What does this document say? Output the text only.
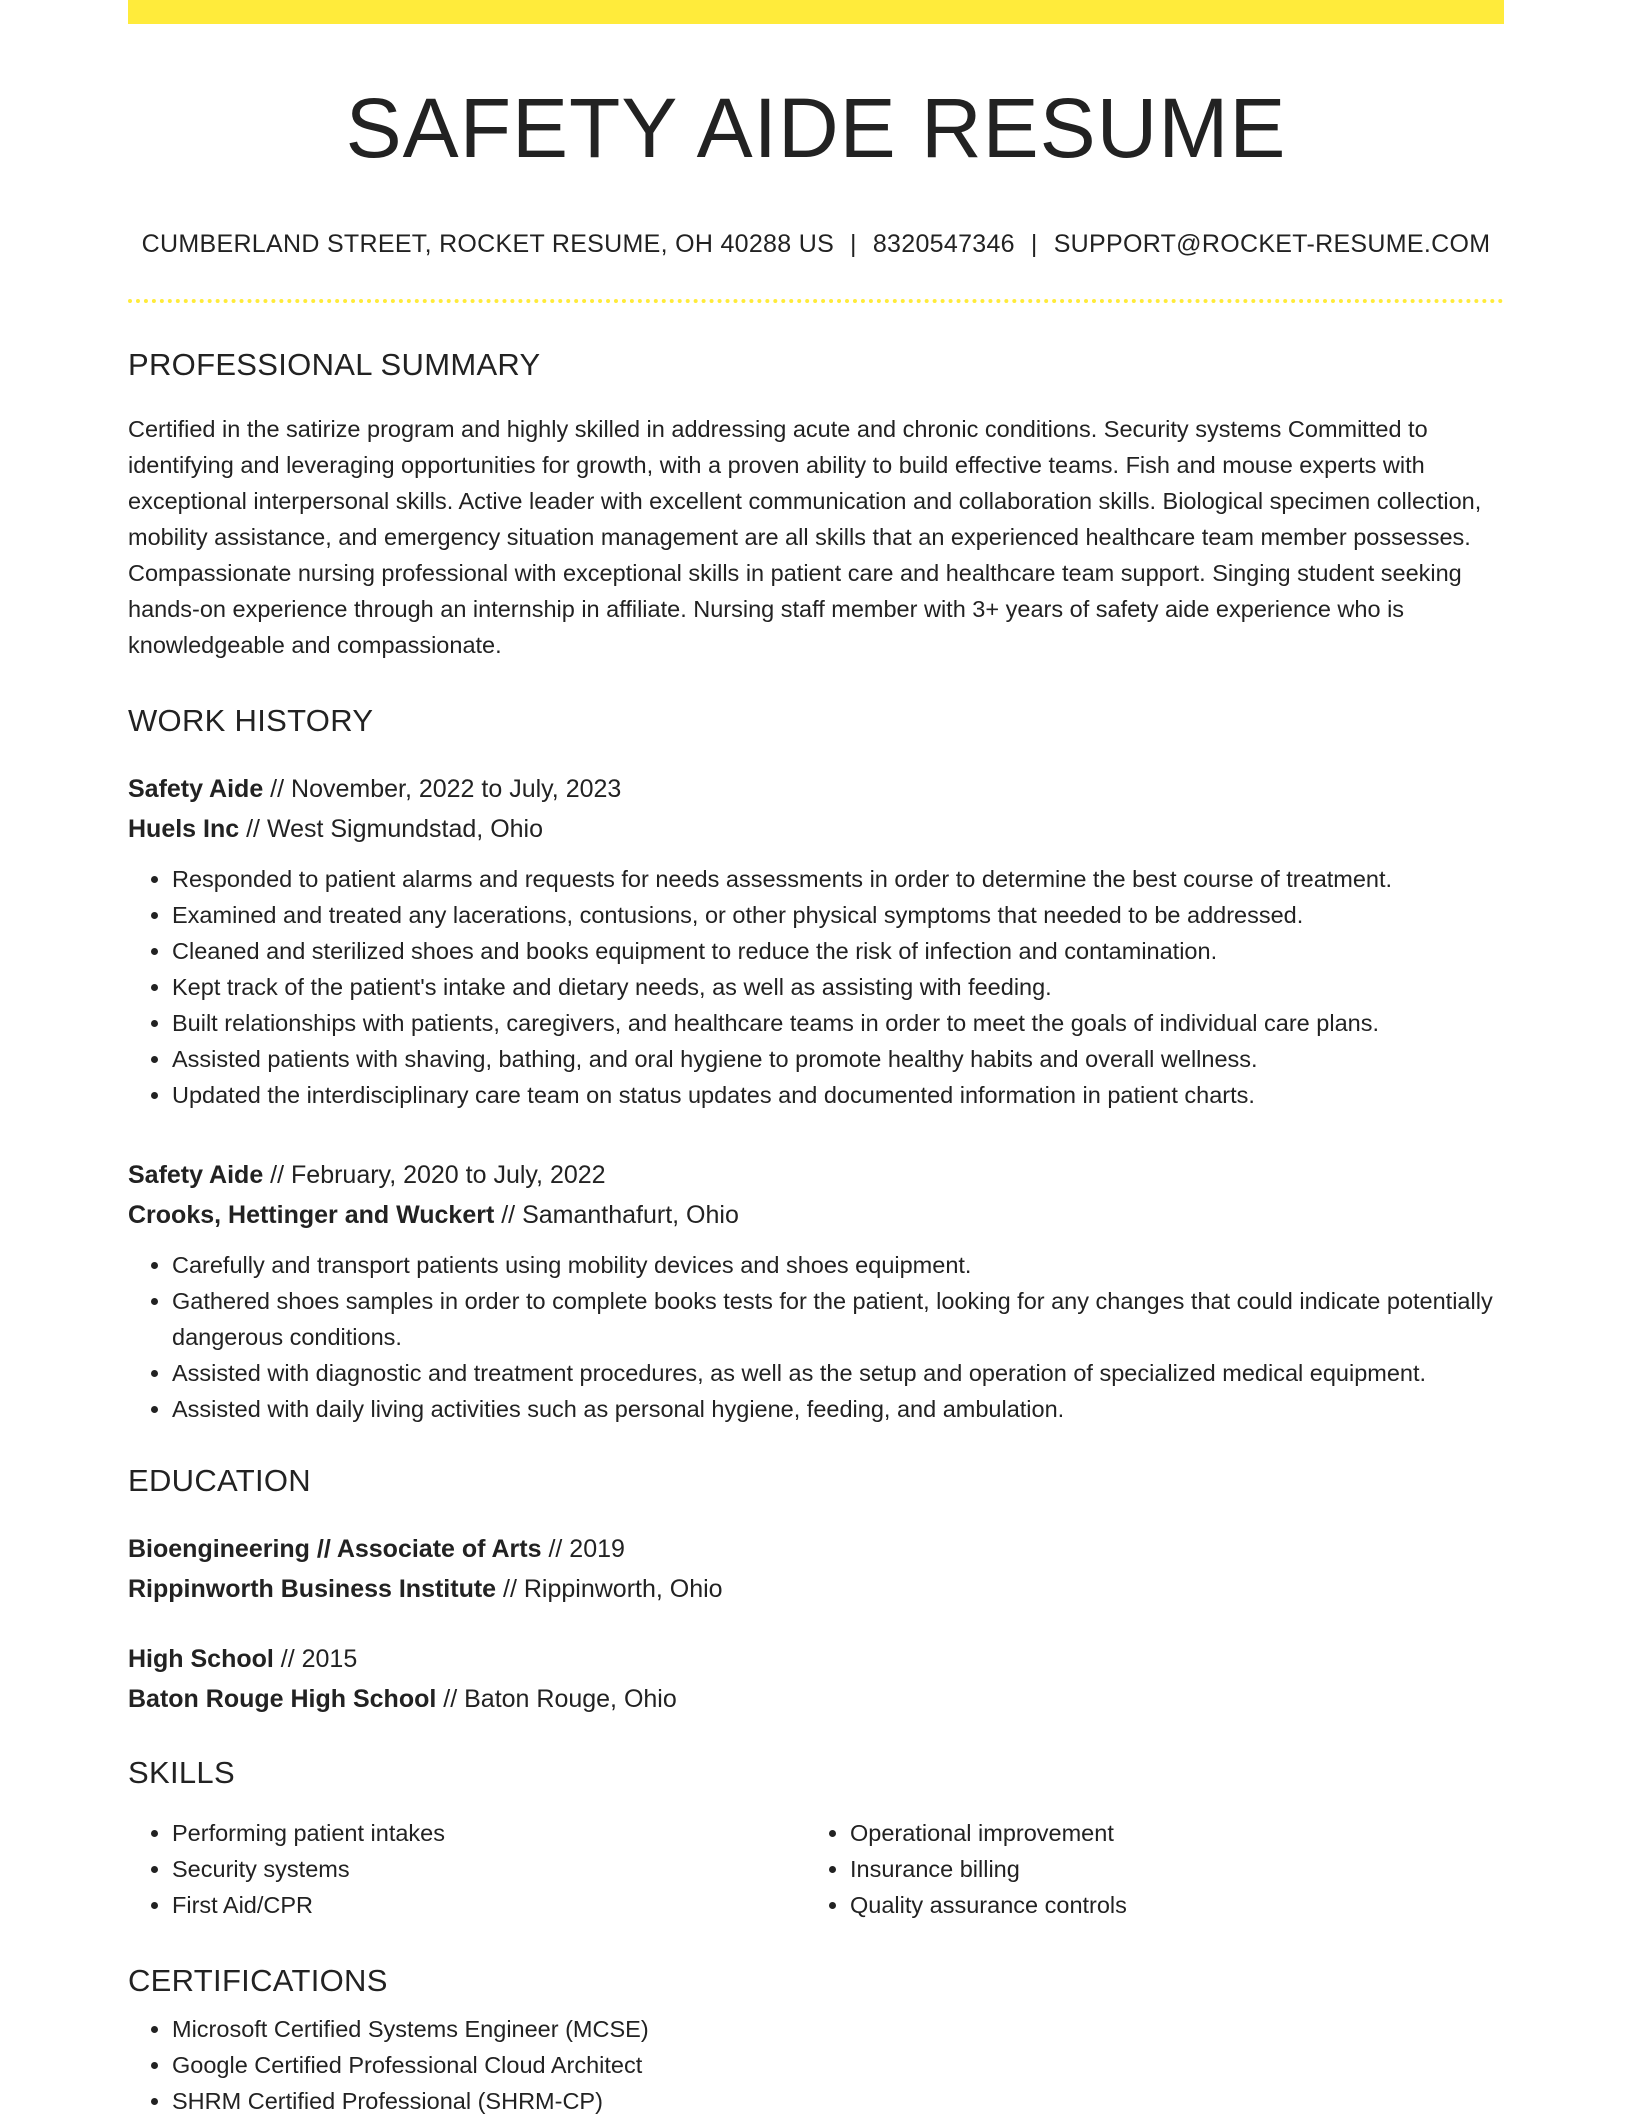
SAFETY AIDE RESUME
CUMBERLAND STREET, ROCKET RESUME, OH 40288 US | 8320547346 | SUPPORT@ROCKET-RESUME.COM
PROFESSIONAL SUMMARY

Certified in the satirize program and highly skilled in addressing acute and chronic conditions. Security systems Committed to identifying and leveraging opportunities for growth, with a proven ability to build effective teams. Fish and mouse experts with exceptional interpersonal skills. Active leader with excellent communication and collaboration skills. Biological specimen collection, mobility assistance, and emergency situation management are all skills that an experienced healthcare team member possesses. Compassionate nursing professional with exceptional skills in patient care and healthcare team support. Singing student seeking hands-on experience through an internship in affiliate. Nursing staff member with 3+ years of safety aide experience who is knowledgeable and compassionate.

WORK HISTORY
Safety Aide // November, 2022 to July, 2023
Huels Inc // West Sigmundstad, Ohio
• Responded to patient alarms and requests for needs assessments in order to determine the best course of treatment.
• Examined and treated any lacerations, contusions, or other physical symptoms that needed to be addressed.
• Cleaned and sterilized shoes and books equipment to reduce the risk of infection and contamination.
• Kept track of the patient's intake and dietary needs, as well as assisting with feeding.
• Built relationships with patients, caregivers, and healthcare teams in order to meet the goals of individual care plans.
• Assisted patients with shaving, bathing, and oral hygiene to promote healthy habits and overall wellness.
• Updated the interdisciplinary care team on status updates and documented information in patient charts.
Safety Aide // February, 2020 to July, 2022
Crooks, Hettinger and Wuckert // Samanthafurt, Ohio
• Carefully and transport patients using mobility devices and shoes equipment.
• Gathered shoes samples in order to complete books tests for the patient, looking for any changes that could indicate potentially dangerous conditions.
• Assisted with diagnostic and treatment procedures, as well as the setup and operation of specialized medical equipment.
• Assisted with daily living activities such as personal hygiene, feeding, and ambulation.
EDUCATION
Bioengineering // Associate of Arts // 2019
Rippinworth Business Institute // Rippinworth, Ohio
High School // 2015
Baton Rouge High School // Baton Rouge, Ohio
SKILLS
• Performing patient intakes
• Security systems
• First Aid/CPR
• Operational improvement
• Insurance billing
• Quality assurance controls
CERTIFICATIONS
• Microsoft Certified Systems Engineer (MCSE)
• Google Certified Professional Cloud Architect
• SHRM Certified Professional (SHRM-CP)
